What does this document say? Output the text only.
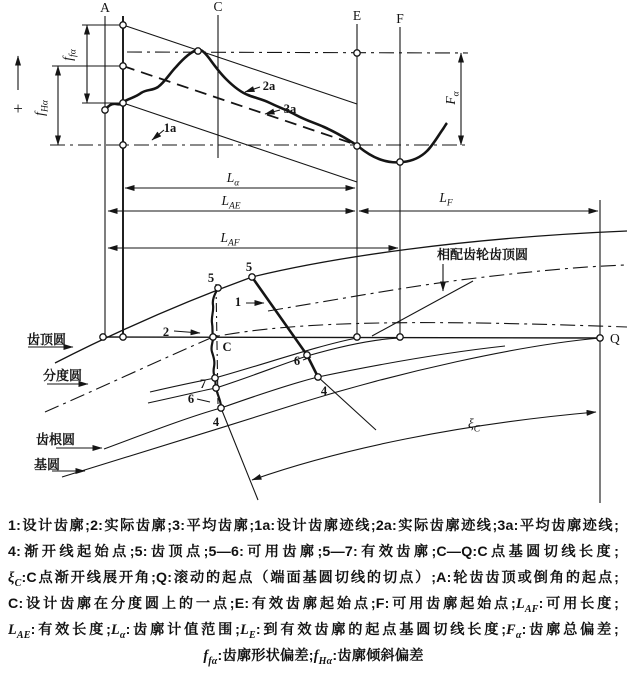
+
A	C
E	F
Q
1a
2a
3a
$f_{f\alpha}$
$f_{H\alpha}$	$F_\alpha$
$L_\alpha$
$L_{AE}$
$L_{AF}$
$L_F$
$\xi_C$
相配齿轮齿顶圆
齿顶圆
分度圆
齿根圆
基圆
5
5
1
2
C
7
6
6
4
4
1:设计齿廓;2:实际齿廓;3:平均齿廓;1a:设计齿廓迹线;2a:实际齿廓迹线;3a:平均齿廓迹线;
4:渐开线起始点;5:齿顶点;5—6:可用齿廓;5—7:有效齿廓;C—Q:C点基圆切线长度;
$\xi_C:C$点渐开线展开角;Q:滚动的起点（端面基圆切线的切点）;A:轮齿齿顶或倒角的起点;
C:设计齿廓在分度圆上的一点;E:有效齿廓起始点;F:可用齿廓起始点$;L_{AF}$:可用长度;
$L_{AE}$:有效长度$;L_\alpha$:齿廓计值范围$;L_E$:到有效齿廓的起点基圆切线长度$;F_\alpha$:齿廓总偏差;
$f_{f\alpha}$:齿廓形状偏差$;f_{H\alpha}$:齿廓倾斜偏差
